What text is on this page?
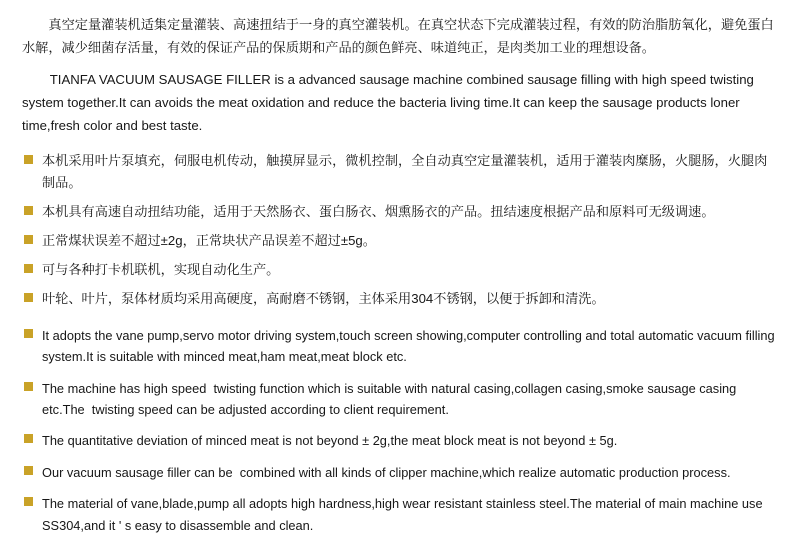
真空定量灌装机适集定量灌装、高速扭结于一身的真空灌装机。在真空状态下完成灌装过程，有效的防治脂肪氧化，避免蛋白水解，减少细菌存活量，有效的保证产品的保质期和产品的颜色鲜亮、味道纯正，是肉类加工业的理想设备。

TIANFA VACUUM SAUSAGE FILLER is a advanced sausage machine combined sausage filling with high speed twisting system together.It can avoids the meat oxidation and reduce the bacteria living time.It can keep the sausage products loner time,fresh color and best taste.

本机采用叶片泵填充，伺服电机传动，触摸屏显示，微机控制，全自动真空定量灌装机，适用于灌装肉糜肠，火腿肠，火腿肉制品。
本机具有高速自动扭结功能，适用于天然肠衣、蛋白肠衣、烟熏肠衣的产品。扭结速度根据产品和原料可无级调速。
正常煤状误差不超过±2g，正常块状产品误差不超过±5g。
可与各种打卡机联机，实现自动化生产。
叶轮、叶片，泵体材质均采用高硬度，高耐磨不锈钢，主体采用304不锈钢，以便于拆卸和清洗。
It adopts the vane pump,servo motor driving system,touch screen showing,computer controlling and total automatic vacuum filling system.It is suitable with minced meat,ham meat,meat block etc.
The machine has high speed  twisting function which is suitable with natural casing,collagen casing,smoke sausage casing etc.The  twisting speed can be adjusted according to client requirement.
The quantitative deviation of minced meat is not beyond ± 2g,the meat block meat is not beyond ± 5g.
Our vacuum sausage filler can be  combined with all kinds of clipper machine,which realize automatic production process.
The material of vane,blade,pump all adopts high hardness,high wear resistant stainless steel.The material of main machine use SS304,and it ' s easy to disassemble and clean.
